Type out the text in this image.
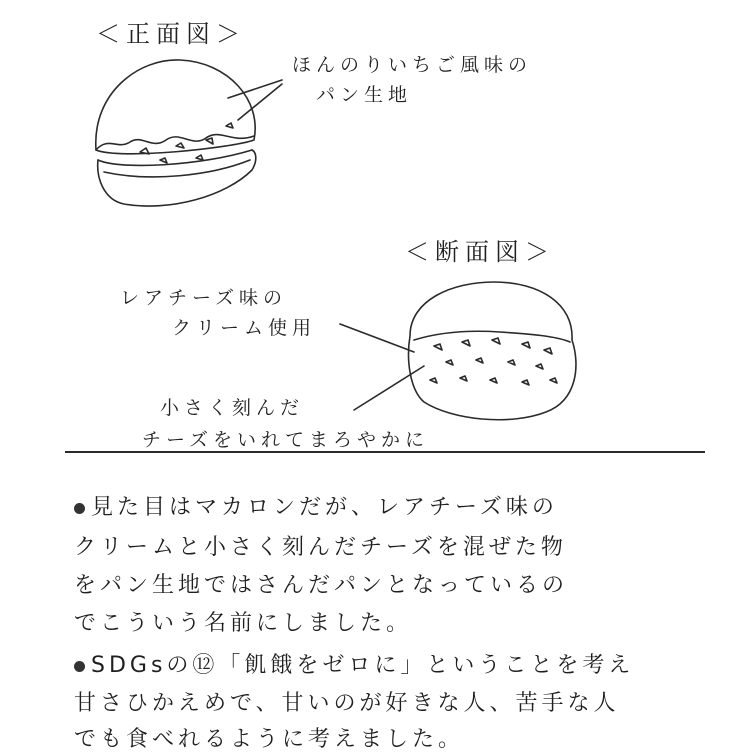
＜正面図＞
ほんのりいちご風味の
パン生地
＜断面図＞
レアチーズ味の
クリーム使用
小さく刻んだ
チーズをいれてまろやかに
見た目はマカロンだが、レアチーズ味の
クリームと小さく刻んだチーズを混ぜた物
をパン生地ではさんだパンとなっているの
でこういう名前にしました。
SDGsの⑫「飢餓をゼロに」ということを考え
甘さひかえめで、甘いのが好きな人、苦手な人
でも食べれるように考えました。
